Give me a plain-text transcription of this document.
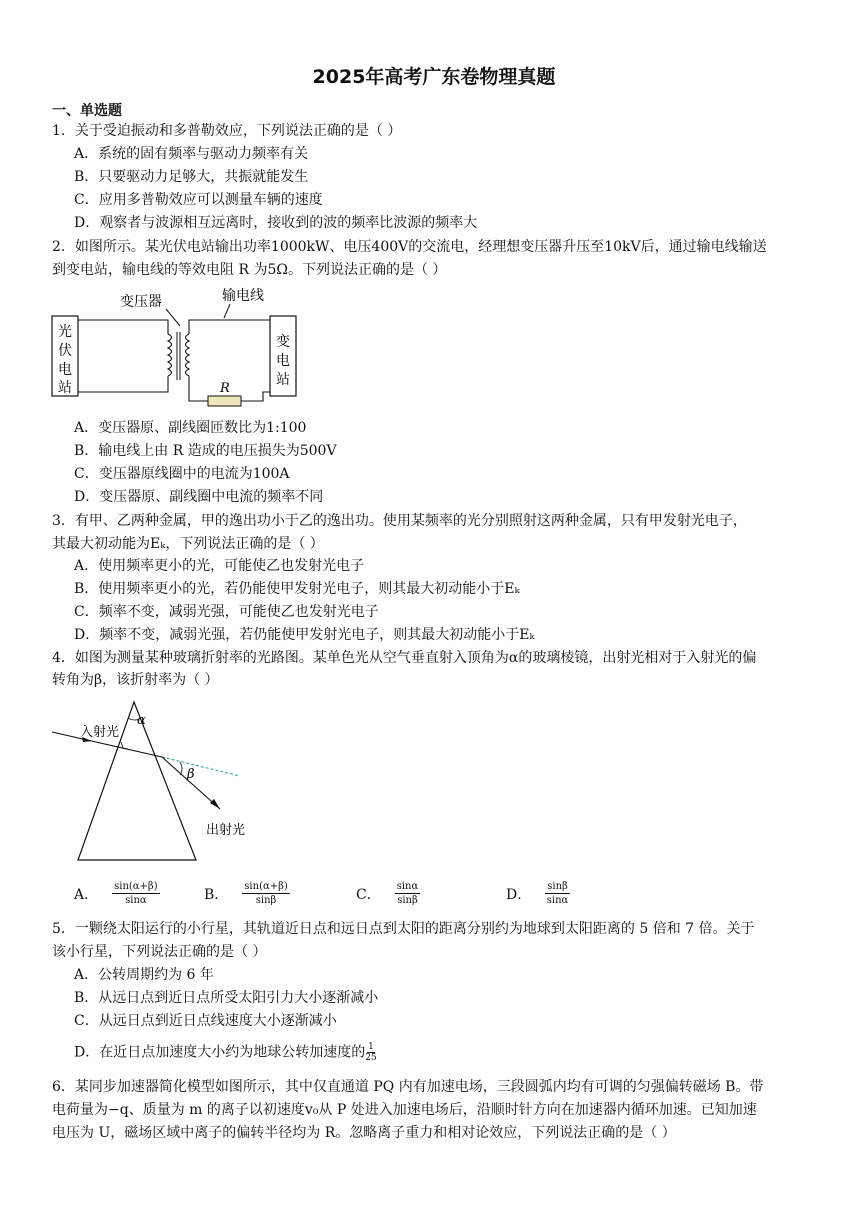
2025年高考广东卷物理真题
一、单选题
1．关于受迫振动和多普勒效应，下列说法正确的是（ ）
A．系统的固有频率与驱动力频率有关
B．只要驱动力足够大，共振就能发生
C．应用多普勒效应可以测量车辆的速度
D．观察者与波源相互远离时，接收到的波的频率比波源的频率大
2．如图所示。某光伏电站输出功率1000kW、电压400V的交流电，经理想变压器升压至10kV后，通过输电线输送
到变电站，输电线的等效电阻 R 为5Ω。下列说法正确的是（ ）
光
伏
电
站
变
电
站
R
变压器	输电线
A．变压器原、副线圈匝数比为1:100
B．输电线上由 R 造成的电压损失为500V
C．变压器原线圈中的电流为100A
D．变压器原、副线圈中电流的频率不同
3．有甲、乙两种金属，甲的逸出功小于乙的逸出功。使用某频率的光分别照射这两种金属，只有甲发射光电子，
其最大初动能为Eₖ，下列说法正确的是（ ）
A．使用频率更小的光，可能使乙也发射光电子
B．使用频率更小的光，若仍能使甲发射光电子，则其最大初动能小于Eₖ
C．频率不变，减弱光强，可能使乙也发射光电子
D．频率不变，减弱光强，若仍能使甲发射光电子，则其最大初动能小于Eₖ
4．如图为测量某种玻璃折射率的光路图。某单色光从空气垂直射入顶角为α的玻璃棱镜，出射光相对于入射光的偏
转角为β，该折射率为（ ）
α
入射光
β
出射光
A． $\frac{\sin(\alpha+\beta)}{\sin\alpha}$	B． $\frac{\sin(\alpha+\beta)}{\sin\beta}$	C． $\frac{\sin\alpha}{\sin\beta}$	D． $\frac{\sin\beta}{\sin\alpha}$
5．一颗绕太阳运行的小行星，其轨道近日点和远日点到太阳的距离分别约为地球到太阳距离的 5 倍和 7 倍。关于
该小行星，下列说法正确的是（ ）
A．公转周期约为 6 年
B．从远日点到近日点所受太阳引力大小逐渐减小
C．从远日点到近日点线速度大小逐渐减小
D．在近日点加速度大小约为地球公转加速度的 $\frac{1}{25}$
6．某同步加速器简化模型如图所示，其中仅直通道 PQ 内有加速电场，三段圆弧内均有可调的匀强偏转磁场 B。带
电荷量为−q、质量为 m 的离子以初速度v₀从 P 处进入加速电场后，沿顺时针方向在加速器内循环加速。已知加速
电压为 U，磁场区域中离子的偏转半径均为 R。忽略离子重力和相对论效应，下列说法正确的是（ ）
